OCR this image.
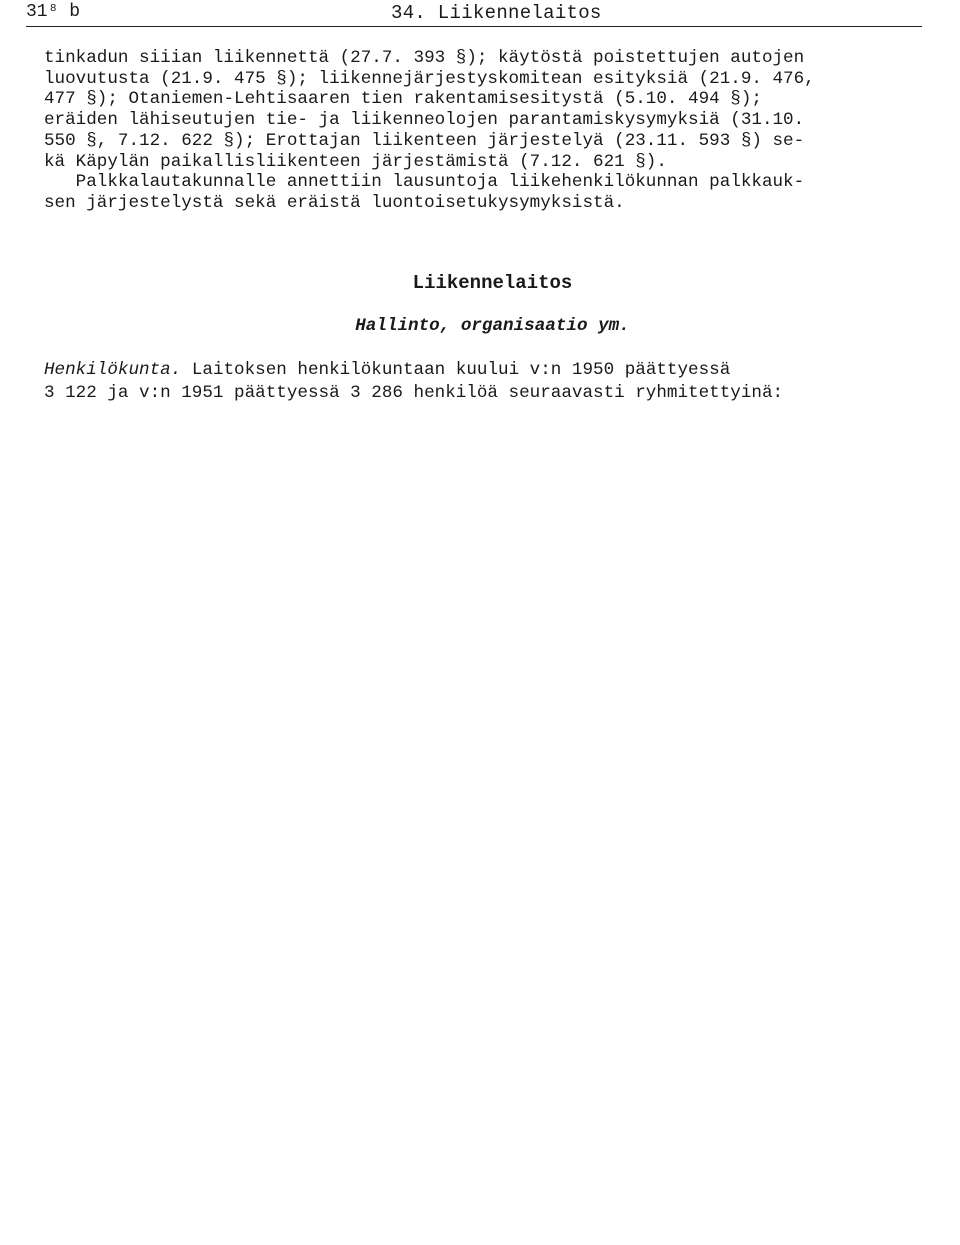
31⁸ b	34. Liikennelaitos
tinkadun siiian liikennettä (27.7. 393 §); käytöstä poistettujen autojen
luovutusta (21.9. 475 §); liikennejärjestyskomitean esityksiä (21.9. 476,
477 §); Otaniemen-Lehtisaaren tien rakentamisesitystä (5.10. 494 §);
eräiden lähiseutujen tie- ja liikenneolojen parantamiskysymyksiä (31.10.
550 §, 7.12. 622 §); Erottajan liikenteen järjestelyä (23.11. 593 §) se-
kä Käpylän paikallisliikenteen järjestämistä (7.12. 621 §).
Palkkalautakunnalle annettiin lausuntoja liikehenkilökunnan palkkauk-
sen järjestelystä sekä eräistä luontoisetukysymyksistä.
Liikennelaitos
Hallinto, organisaatio ym.
Henkilökunta. Laitoksen henkilökuntaan kuului v:n 1950 päättyessä
3 122 ja v:n 1951 päättyessä 3 286 henkilöä seuraavasti ryhmitettyinä:
